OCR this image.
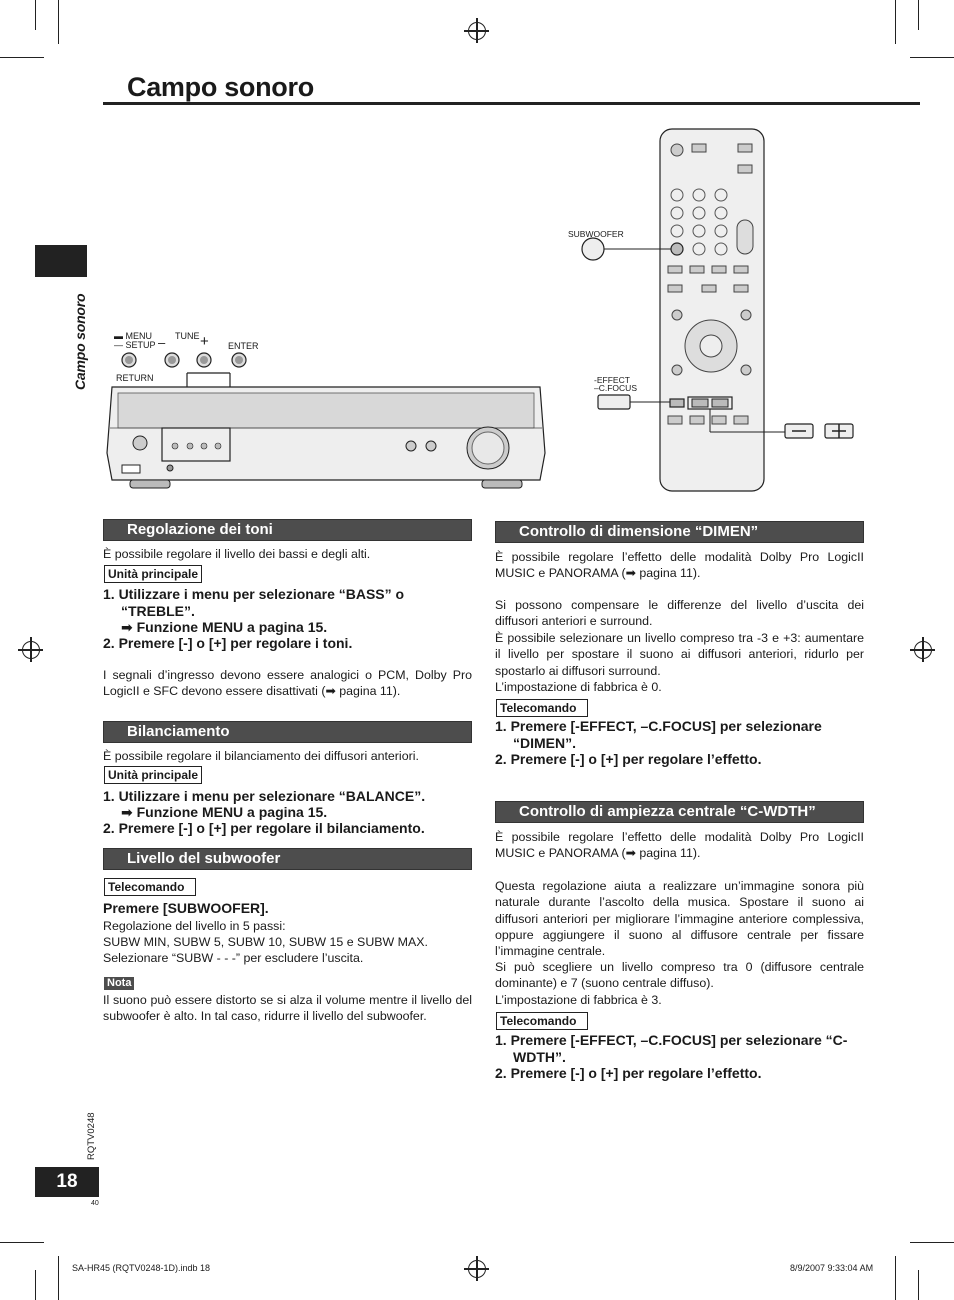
Campo sonoro
Campo sonoro	▬ MENU
— SETUP
RETURN
TUNE
– + ENTER
SUBWOOFER
-EFFECT
–C.FOCUS
Regolazione dei toni
È possibile regolare il livello dei bassi e degli alti.
Unità principale
1. Utilizzare i menu per selezionare “BASS” o “TREBLE”.
➡ Funzione MENU a pagina 15.
2. Premere [-] o [+] per regolare i toni.
I segnali d’ingresso devono essere analogici o PCM, Dolby Pro LogicII e SFC devono essere disattivati (➡ pagina 11).
Bilanciamento
È possibile regolare il bilanciamento dei diffusori anteriori.
Unità principale
1. Utilizzare i menu per selezionare “BALANCE”.
➡ Funzione MENU a pagina 15.
2. Premere [-] o [+] per regolare il bilanciamento.
Livello del subwoofer
Telecomando
Premere [SUBWOOFER].
Regolazione del livello in 5 passi:
SUBW MIN, SUBW 5, SUBW 10, SUBW 15 e SUBW MAX.
Selezionare “SUBW - - -” per escludere l’uscita.
Nota
Il suono può essere distorto se si alza il volume mentre il livello del subwoofer è alto. In tal caso, ridurre il livello del subwoofer.
Controllo di dimensione “DIMEN”
È possibile regolare l’effetto delle modalità Dolby Pro LogicII MUSIC e PANORAMA (➡ pagina 11).
Si possono compensare le differenze del livello d’uscita dei diffusori anteriori e surround.
È possibile selezionare un livello compreso tra -3 e +3: aumentare il livello per spostare il suono ai diffusori anteriori, ridurlo per spostarlo ai diffusori surround.
L’impostazione di fabbrica è 0.
Telecomando
1. Premere [-EFFECT, –C.FOCUS] per selezionare “DIMEN”.
2. Premere [-] o [+] per regolare l’effetto.
Controllo di ampiezza centrale “C-WDTH”
È possibile regolare l’effetto delle modalità Dolby Pro LogicII MUSIC e PANORAMA (➡ pagina 11).
Questa regolazione aiuta a realizzare un’immagine sonora più naturale durante l’ascolto della musica. Spostare il suono ai diffusori anteriori per migliorare l’immagine anteriore complessiva, oppure aggiungere il suono al diffusore centrale per fissare l’immagine centrale.
Si può scegliere un livello compreso tra 0 (diffusore centrale dominante) e 7 (suono centrale diffuso).
L’impostazione di fabbrica è 3.
Telecomando
1. Premere [-EFFECT, –C.FOCUS] per selezionare “C-WDTH”.
2. Premere [-] o [+] per regolare l’effetto.
RQTV0248
18
40
SA-HR45 (RQTV0248-1D).indb 18	8/9/2007 9:33:04 AM
